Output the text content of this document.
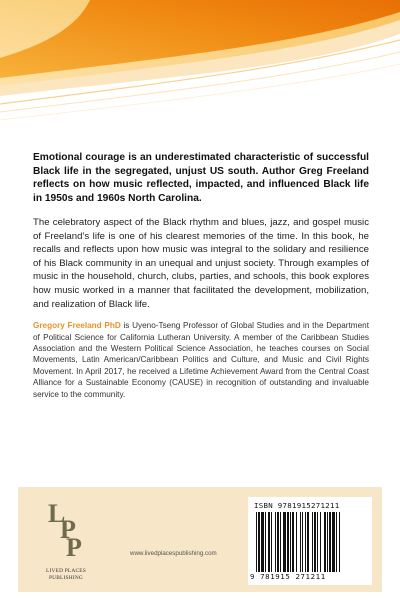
Emotional courage is an underestimated characteristic of successful Black life in the segregated, unjust US south. Author Greg Freeland reflects on how music reflected, impacted, and influenced Black life in 1950s and 1960s North Carolina.

The celebratory aspect of the Black rhythm and blues, jazz, and gospel music of Freeland’s life is one of his clearest memories of the time. In this book, he recalls and reflects upon how music was integral to the solidary and resilience of his Black community in an unequal and unjust society. Through examples of music in the household, church, clubs, parties, and schools, this book explores how music worked in a manner that facilitated the development, mobilization, and realization of Black life.

Gregory Freeland PhD is Uyeno-Tseng Professor of Global Studies and in the Department of Political Science for California Lutheran University. A member of the Caribbean Studies Association and the Western Political Science Association, he teaches courses on Social Movements, Latin American/Caribbean Politics and Culture, and Music and Civil Rights Movement. In April 2017, he received a Lifetime Achievement Award from the Central Coast Alliance for a Sustainable Economy (CAUSE) in recognition of outstanding and invaluable service to the community.

L
P
P
LIVED PLACES
PUBLISHING
www.livedplacespublishing.com
ISBN 9781915271211
9 781915 271211
